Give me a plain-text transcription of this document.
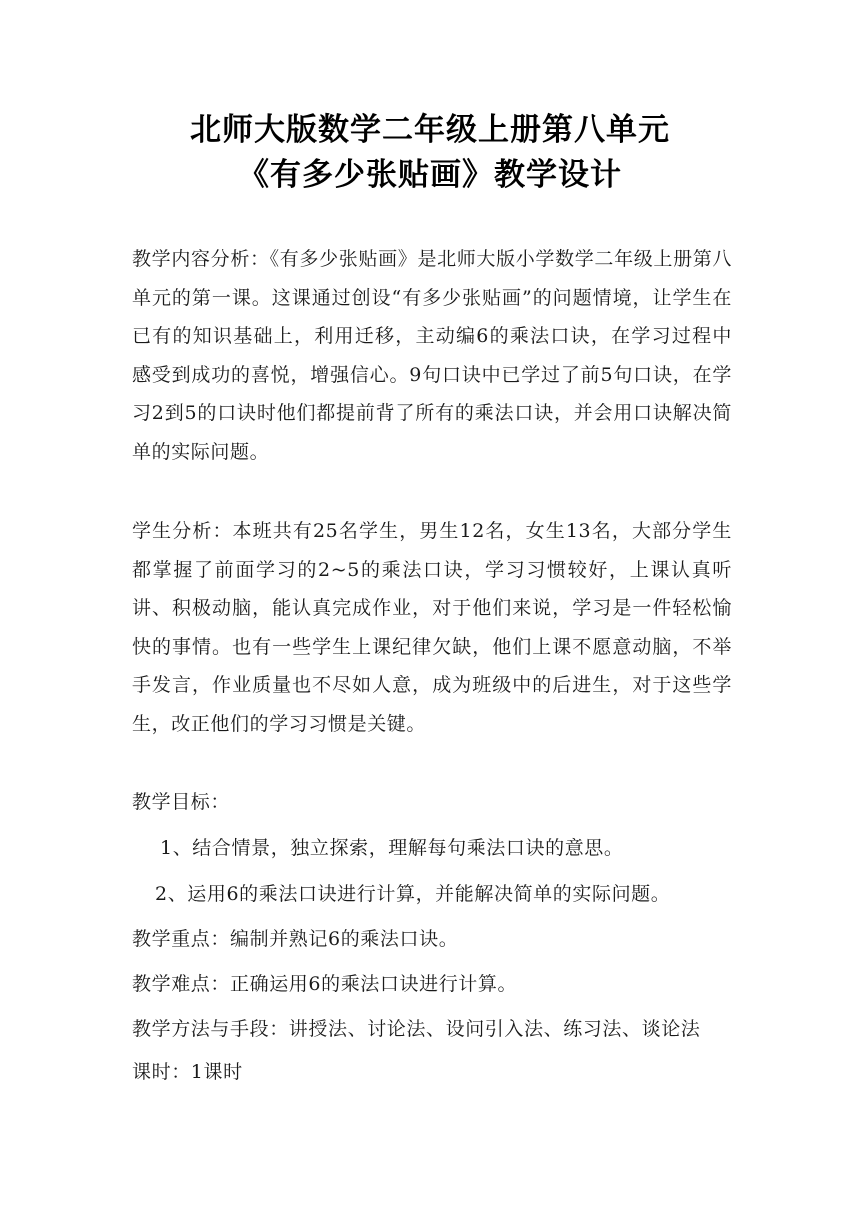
北师大版数学二年级上册第八单元
《有多少张贴画》教学设计

教学内容分析：《有多少张贴画》是北师大版小学数学二年级上册第八单元的第一课。这课通过创设“有多少张贴画”的问题情境，让学生在已有的知识基础上，利用迁移，主动编6的乘法口诀，在学习过程中感受到成功的喜悦，增强信心。9句口诀中已学过了前5句口诀，在学习2到5的口诀时他们都提前背了所有的乘法口诀，并会用口诀解决简单的实际问题。

学生分析：本班共有25名学生，男生12名，女生13名，大部分学生都掌握了前面学习的2~5的乘法口诀，学习习惯较好，上课认真听讲、积极动脑，能认真完成作业，对于他们来说，学习是一件轻松愉快的事情。也有一些学生上课纪律欠缺，他们上课不愿意动脑，不举手发言，作业质量也不尽如人意，成为班级中的后进生，对于这些学生，改正他们的学习习惯是关键。

教学目标：
1、结合情景，独立探索，理解每句乘法口诀的意思。
2、运用6的乘法口诀进行计算，并能解决简单的实际问题。
教学重点：编制并熟记6的乘法口诀。
教学难点：正确运用6的乘法口诀进行计算。
教学方法与手段：讲授法、讨论法、设问引入法、练习法、谈论法
课时：1课时
